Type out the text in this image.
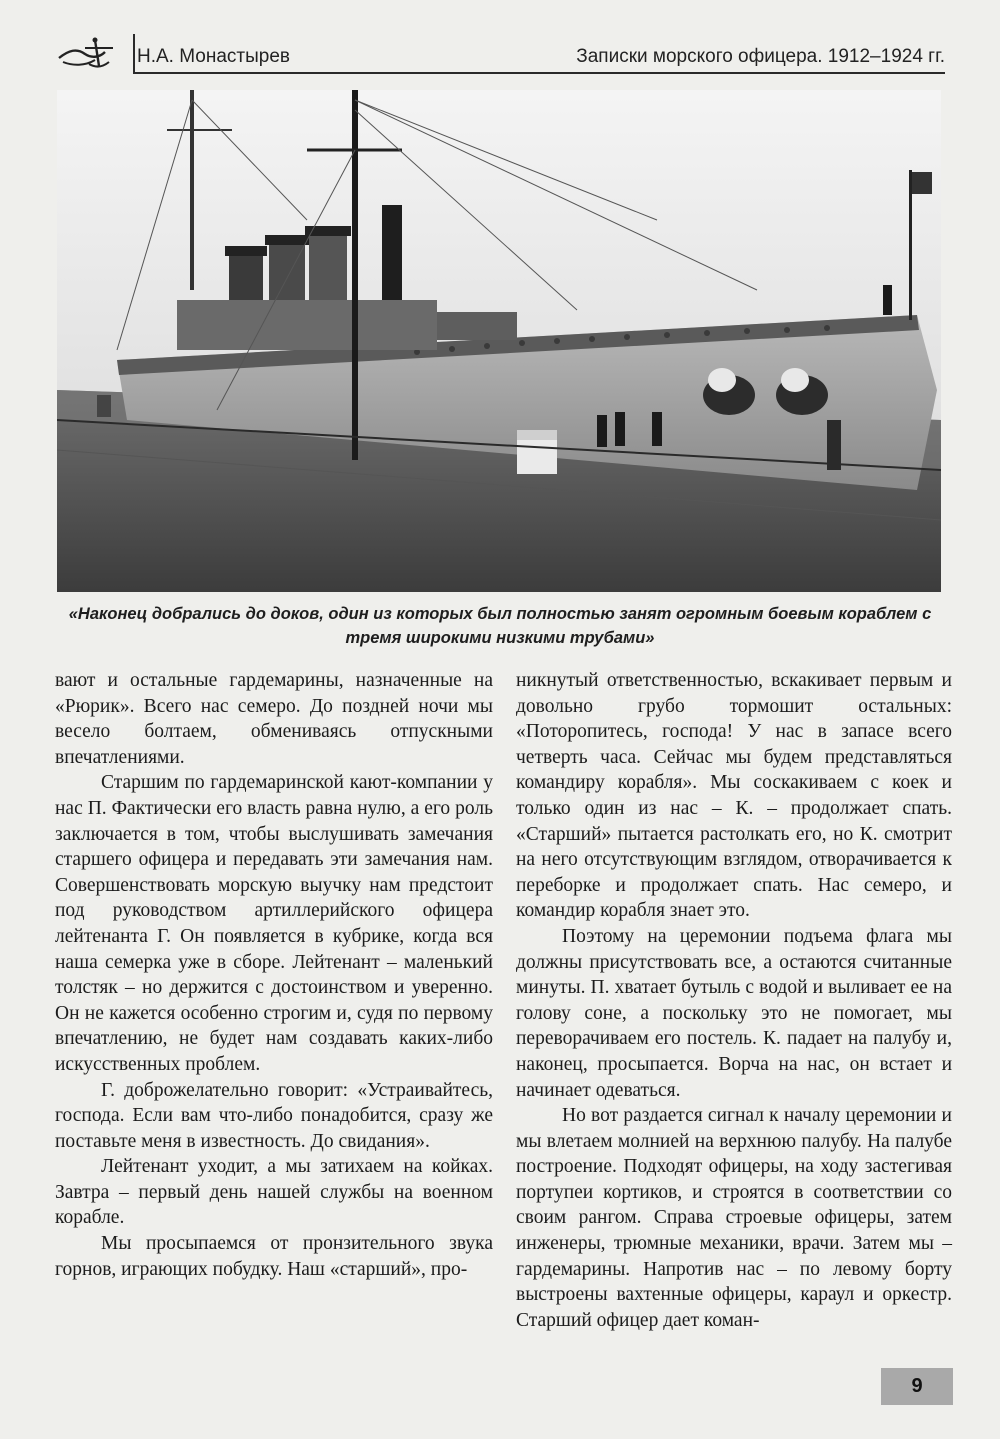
Н.А. Монастырев	Записки морского офицера. 1912–1924 гг.
«Наконец добрались до доков, один из которых был полностью занят огромным боевым кораблем с тремя широкими низкими трубами»

вают и остальные гардемарины, назначенные на «Рюрик». Всего нас семеро. До поздней ночи мы весело болтаем, обмениваясь отпускными впечатлениями.

Старшим по гардемаринской кают-компании у нас П. Фактически его власть равна нулю, а его роль заключается в том, чтобы выслушивать замечания старшего офицера и передавать эти замечания нам. Совершенствовать морскую выучку нам предстоит под руководством артиллерийского офицера лейтенанта Г. Он появляется в кубрике, когда вся наша семерка уже в сборе. Лейтенант – маленький толстяк – но держится с достоинством и уверенно. Он не кажется особенно строгим и, судя по первому впечатлению, не будет нам создавать каких-либо искусственных проблем.

Г. доброжелательно говорит: «Устраивайтесь, господа. Если вам что-либо понадобится, сразу же поставьте меня в известность. До свидания».

Лейтенант уходит, а мы затихаем на койках. Завтра – первый день нашей службы на военном корабле.

Мы просыпаемся от пронзительного звука горнов, играющих побудку. Наш «старший», про-

никнутый ответственностью, вскакивает первым и довольно грубо тормошит остальных: «Поторопитесь, господа! У нас в запасе всего четверть часа. Сейчас мы будем представляться командиру корабля». Мы соскакиваем с коек и только один из нас – К. – продолжает спать. «Старший» пытается растолкать его, но К. смотрит на него отсутствующим взглядом, отворачивается к переборке и продолжает спать. Нас семеро, и командир корабля знает это.

Поэтому на церемонии подъема флага мы должны присутствовать все, а остаются считанные минуты. П. хватает бутыль с водой и выливает ее на голову соне, а поскольку это не помогает, мы переворачиваем его постель. К. падает на палубу и, наконец, просыпается. Ворча на нас, он встает и начинает одеваться.

Но вот раздается сигнал к началу церемонии и мы влетаем молнией на верхнюю палубу. На палубе построение. Подходят офицеры, на ходу застегивая портупеи кортиков, и строятся в соответствии со своим рангом. Справа строевые офицеры, затем инженеры, трюмные механики, врачи. Затем мы – гардемарины. Напротив нас – по левому борту выстроены вахтенные офицеры, караул и оркестр. Старший офицер дает коман-

9
